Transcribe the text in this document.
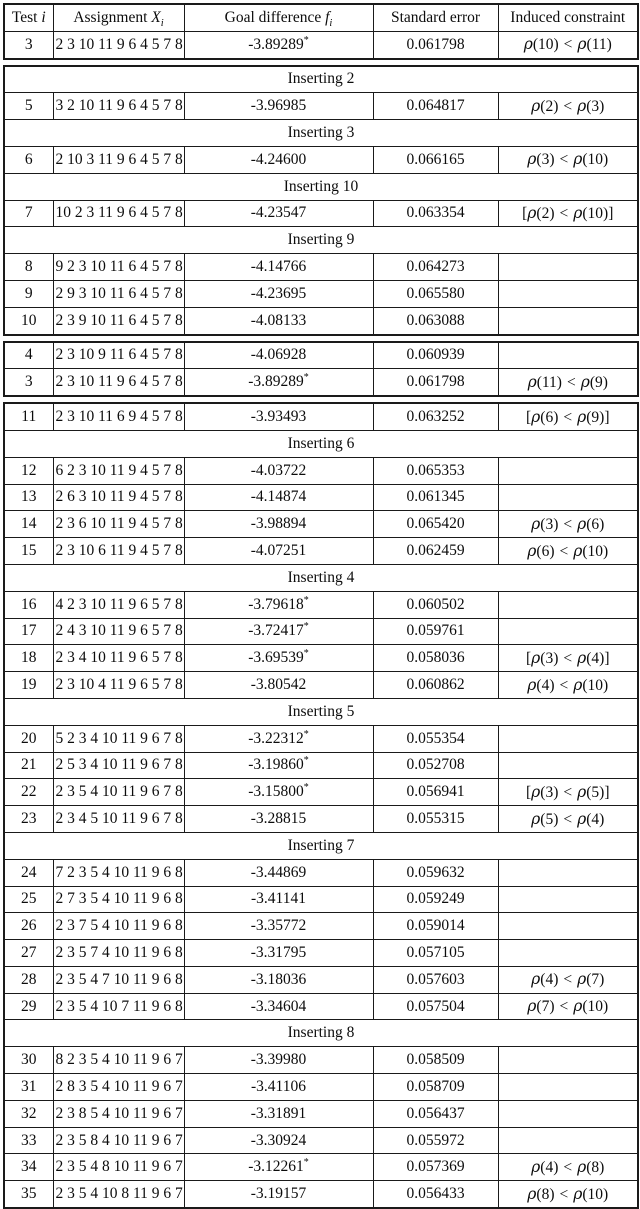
Test i	Assignment $X_i$	Goal difference $f_i$	Standard error	Induced constraint
3	2 3 10 11 9 6 4 5 7 8	-3.89289*	0.061798	ρ(10) < ρ(11)
Inserting 2				
5	3 2 10 11 9 6 4 5 7 8	-3.96985	0.064817	ρ(2) < ρ(3)
Inserting 3				
6	2 10 3 11 9 6 4 5 7 8	-4.24600	0.066165	ρ(3) < ρ(10)
Inserting 10				
7	10 2 3 11 9 6 4 5 7 8	-4.23547	0.063354	[ρ(2) < ρ(10)]
Inserting 9				
8	9 2 3 10 11 6 4 5 7 8	-4.14766	0.064273	
9	2 9 3 10 11 6 4 5 7 8	-4.23695	0.065580	
10	2 3 9 10 11 6 4 5 7 8	-4.08133	0.063088	
4	2 3 10 9 11 6 4 5 7 8	-4.06928	0.060939	
3	2 3 10 11 9 6 4 5 7 8	-3.89289*	0.061798	ρ(11) < ρ(9)
11	2 3 10 11 6 9 4 5 7 8	-3.93493	0.063252	[ρ(6) < ρ(9)]
Inserting 6				
12	6 2 3 10 11 9 4 5 7 8	-4.03722	0.065353	
13	2 6 3 10 11 9 4 5 7 8	-4.14874	0.061345	
14	2 3 6 10 11 9 4 5 7 8	-3.98894	0.065420	ρ(3) < ρ(6)
15	2 3 10 6 11 9 4 5 7 8	-4.07251	0.062459	ρ(6) < ρ(10)
Inserting 4				
16	4 2 3 10 11 9 6 5 7 8	-3.79618*	0.060502	
17	2 4 3 10 11 9 6 5 7 8	-3.72417*	0.059761	
18	2 3 4 10 11 9 6 5 7 8	-3.69539*	0.058036	[ρ(3) < ρ(4)]
19	2 3 10 4 11 9 6 5 7 8	-3.80542	0.060862	ρ(4) < ρ(10)
Inserting 5				
20	5 2 3 4 10 11 9 6 7 8	-3.22312*	0.055354	
21	2 5 3 4 10 11 9 6 7 8	-3.19860*	0.052708	
22	2 3 5 4 10 11 9 6 7 8	-3.15800*	0.056941	[ρ(3) < ρ(5)]
23	2 3 4 5 10 11 9 6 7 8	-3.28815	0.055315	ρ(5) < ρ(4)
Inserting 7				
24	7 2 3 5 4 10 11 9 6 8	-3.44869	0.059632	
25	2 7 3 5 4 10 11 9 6 8	-3.41141	0.059249	
26	2 3 7 5 4 10 11 9 6 8	-3.35772	0.059014	
27	2 3 5 7 4 10 11 9 6 8	-3.31795	0.057105	
28	2 3 5 4 7 10 11 9 6 8	-3.18036	0.057603	ρ(4) < ρ(7)
29	2 3 5 4 10 7 11 9 6 8	-3.34604	0.057504	ρ(7) < ρ(10)
Inserting 8				
30	8 2 3 5 4 10 11 9 6 7	-3.39980	0.058509	
31	2 8 3 5 4 10 11 9 6 7	-3.41106	0.058709	
32	2 3 8 5 4 10 11 9 6 7	-3.31891	0.056437	
33	2 3 5 8 4 10 11 9 6 7	-3.30924	0.055972	
34	2 3 5 4 8 10 11 9 6 7	-3.12261*	0.057369	ρ(4) < ρ(8)
35	2 3 5 4 10 8 11 9 6 7	-3.19157	0.056433	ρ(8) < ρ(10)
